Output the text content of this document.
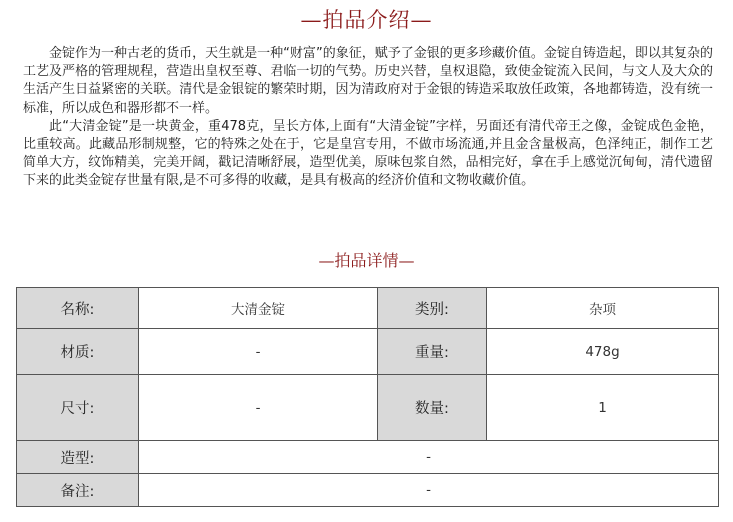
—拍品介绍—

金锭作为一种古老的货币，天生就是一种“财富”的象征，赋予了金银的更多珍藏价值。金锭自铸造起，即以其复杂的工艺及严格的管理规程，营造出皇权至尊、君临一切的气势。历史兴替，皇权退隐，致使金锭流入民间，与文人及大众的生活产生日益紧密的关联。清代是金银锭的繁荣时期，因为清政府对于金银的铸造采取放任政策，各地都铸造，没有统一标准，所以成色和器形都不一样。

此“大清金锭”是一块黄金，重478克，呈长方体,上面有“大清金锭”字样，另面还有清代帝王之像，金锭成色金艳，比重较高。此藏品形制规整，它的特殊之处在于，它是皇宫专用，不做市场流通,并且金含量极高，色泽纯正，制作工艺简单大方，纹饰精美，完美开阔，戳记清晰舒展，造型优美，原味包浆自然，品相完好，拿在手上感觉沉甸甸，清代遗留下来的此类金锭存世量有限,是不可多得的收藏，是具有极高的经济价值和文物收藏价值。

—拍品详情—
名称:	大清金锭	类别:	杂项
材质:	-	重量:	478g
尺寸:	-	数量:	1
造型:	-		
备注:	-		
